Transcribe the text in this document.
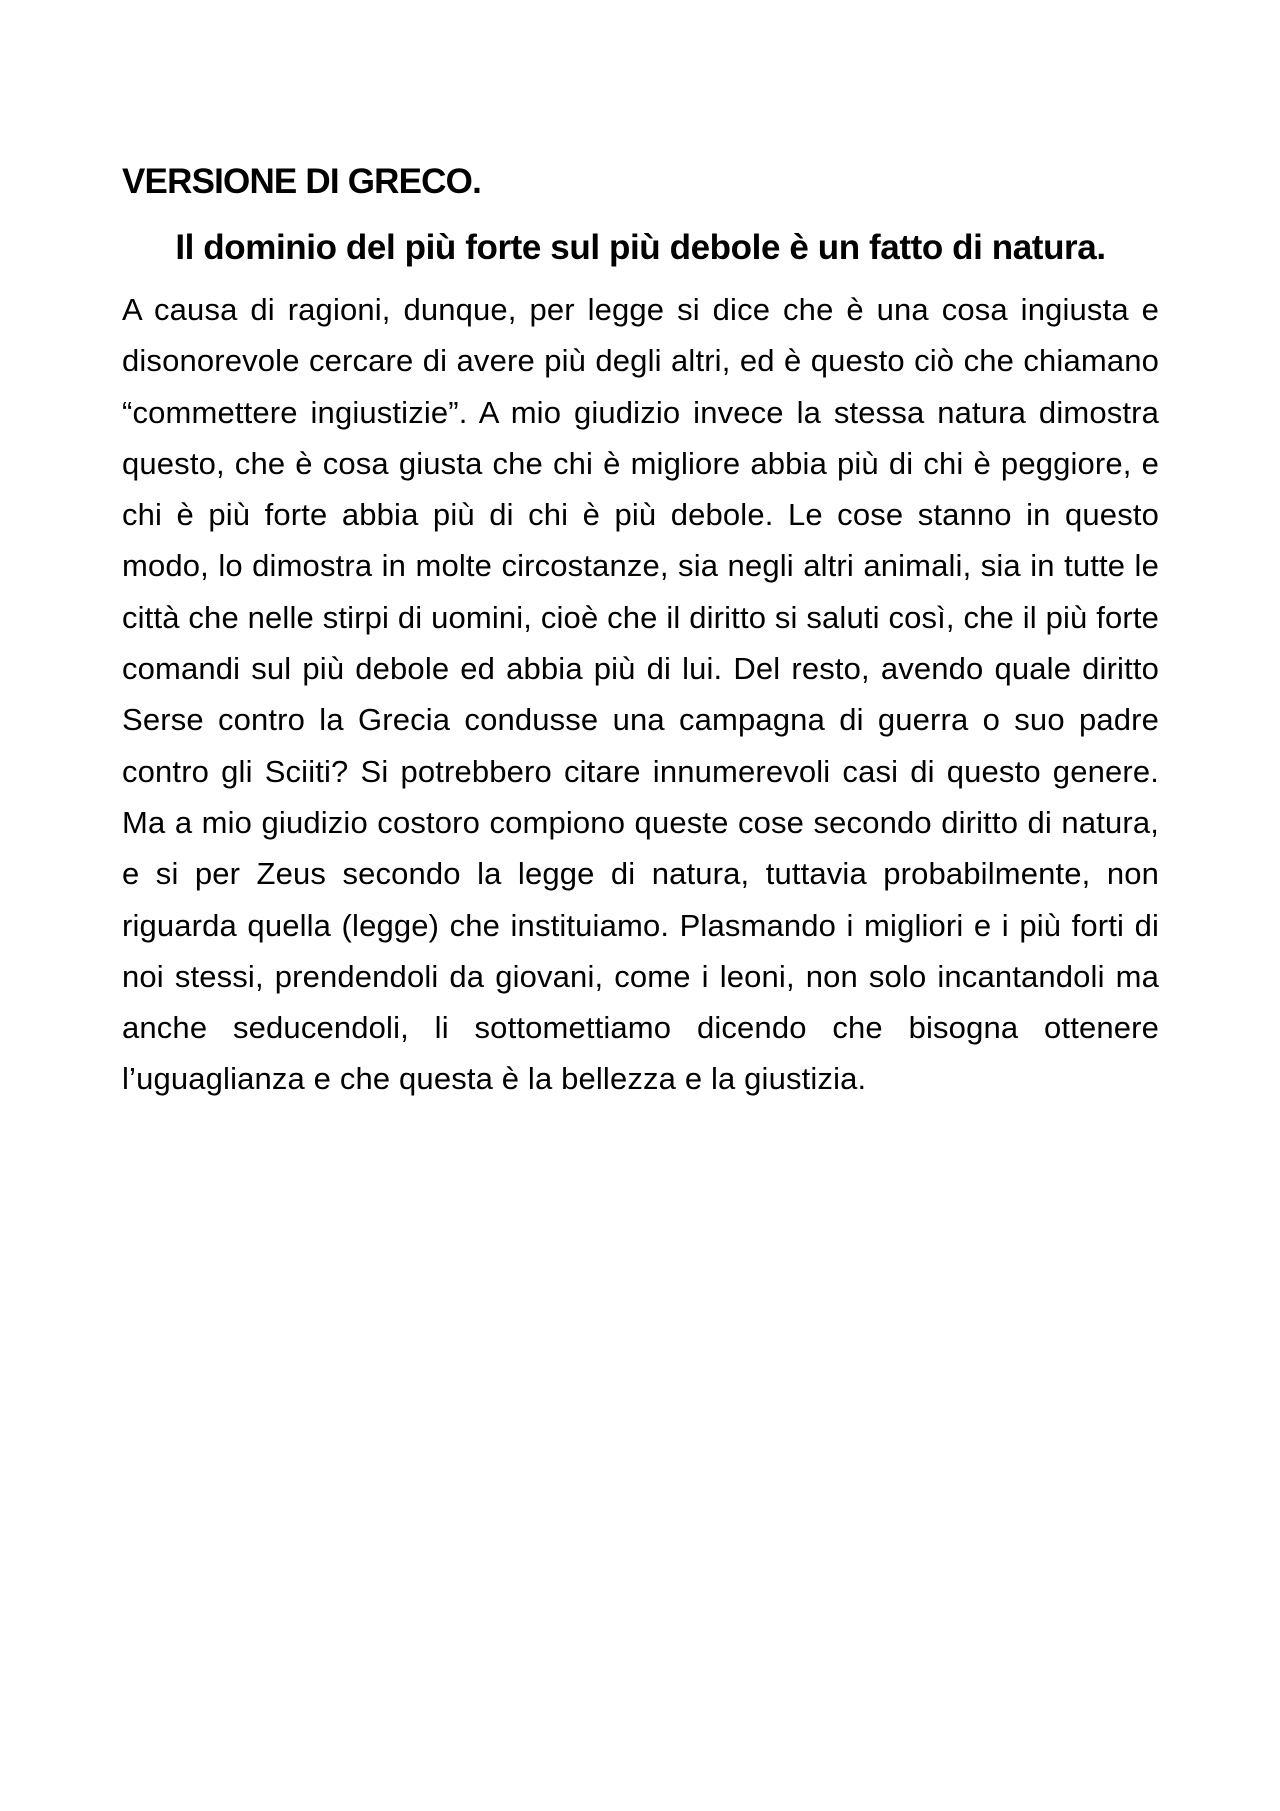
VERSIONE DI GRECO.
Il dominio del più forte sul più debole è un fatto di natura.

A causa di ragioni, dunque, per legge si dice che è una cosa ingiusta e disonorevole cercare di avere più degli altri, ed è questo ciò che chiamano “commettere ingiustizie”. A mio giudizio invece la stessa natura dimostra questo, che è cosa giusta che chi è migliore abbia più di chi è peggiore, e chi è più forte abbia più di chi è più debole. Le cose stanno in questo modo, lo dimostra in molte circostanze, sia negli altri animali, sia in tutte le città che nelle stirpi di uomini, cioè che il diritto si saluti così, che il più forte comandi sul più debole ed abbia più di lui. Del resto, avendo quale diritto Serse contro la Grecia condusse una campagna di guerra o suo padre contro gli Sciiti? Si potrebbero citare innumerevoli casi di questo genere. Ma a mio giudizio costoro compiono queste cose secondo diritto di natura, e si per Zeus secondo la legge di natura, tuttavia probabilmente, non riguarda quella (legge) che instituiamo. Plasmando i migliori e i più forti di noi stessi, prendendoli da giovani, come i leoni, non solo incantandoli ma anche seducendoli, li sottomettiamo dicendo che bisogna ottenere l’uguaglianza e che questa è la bellezza e la giustizia.
